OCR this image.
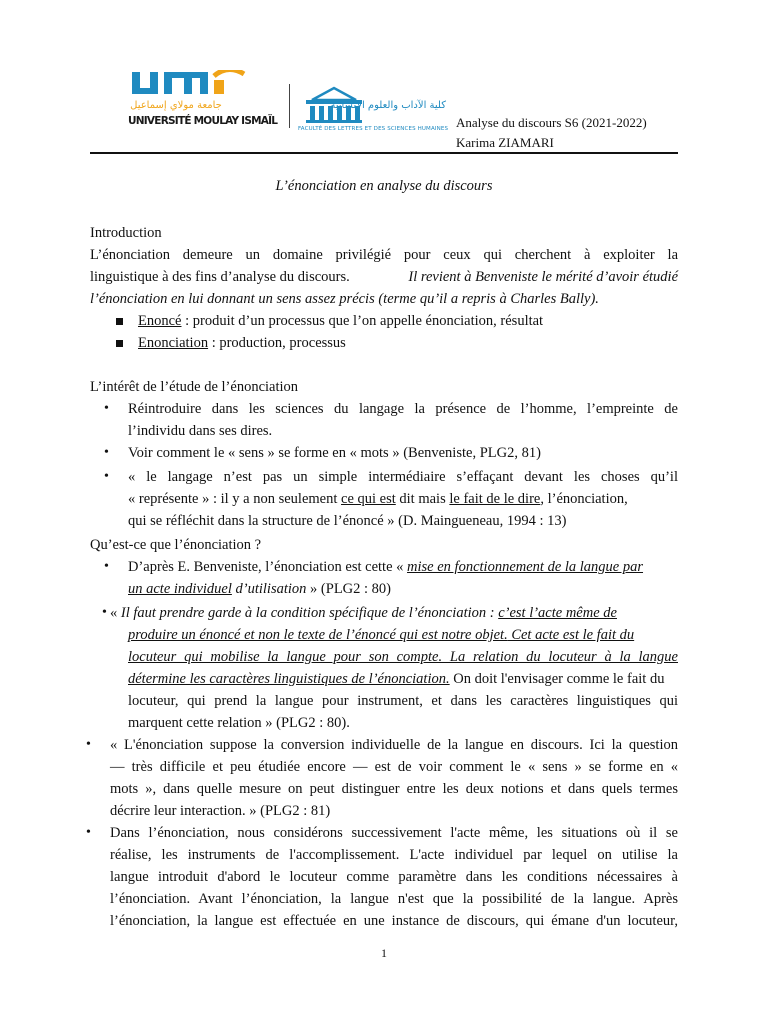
جامعة مولاي إسماعيل
UNIVERSITÉ MOULAY ISMAÏL
كلية الآداب والعلوم الإنسانية
FACULTÉ DES LETTRES ET DES SCIENCES HUMAINES Analyse du discours S6 (2021-2022)
Karima ZIAMARI
L’énonciation en analyse du discours
Introduction
L’énonciation demeure un domaine privilégié pour ceux qui cherchent à exploiter la
linguistique à des fins d’analyse du discours.	Il revient à Benveniste le mérité d’avoir étudié
l’énonciation en lui donnant un sens assez précis (terme qu’il a repris à Charles Bally).
Enoncé : produit d’un processus que l’on appelle énonciation, résultat
Enonciation : production, processus
L’intérêt de l’étude de l’énonciation
• Réintroduire dans les sciences du langage la présence de l’homme, l’empreinte de
l’individu dans ses dires.
• Voir comment le « sens » se forme en « mots » (Benveniste, PLG2, 81)
• « le langage n’est pas un simple intermédiaire s’effaçant devant les choses qu’il
« représente » : il y a non seulement ce qui est dit mais le fait de le dire, l’énonciation,
qui se réfléchit dans la structure de l’énoncé » (D. Maingueneau, 1994 : 13)
Qu’est-ce que l’énonciation ?
• D’après E. Benveniste, l’énonciation est cette « mise en fonctionnement de la langue par
un acte individuel d’utilisation » (PLG2 : 80)
• « Il faut prendre garde à la condition spécifique de l’énonciation : c’est l’acte même de
produire un énoncé et non le texte de l’énoncé qui est notre objet. Cet acte est le fait du
locuteur qui mobilise la langue pour son compte. La relation du locuteur à la langue
détermine les caractères linguistiques de l’énonciation. On doit l'envisager comme le fait du
locuteur, qui prend la langue pour instrument, et dans les caractères linguistiques qui
marquent cette relation » (PLG2 : 80).
• « L'énonciation suppose la conversion individuelle de la langue en discours. Ici la question
— très difficile et peu étudiée encore — est de voir comment le « sens » se forme en «
mots », dans quelle mesure on peut distinguer entre les deux notions et dans quels termes
décrire leur interaction. » (PLG2 : 81)
• Dans l’énonciation, nous considérons successivement l'acte même, les situations où il se
réalise, les instruments de l'accomplissement. L'acte individuel par lequel on utilise la
langue introduit d'abord le locuteur comme paramètre dans les conditions nécessaires à
l’énonciation. Avant l’énonciation, la langue n'est que la possibilité de la langue. Après
l’énonciation, la langue est effectuée en une instance de discours, qui émane d'un locuteur,
1
